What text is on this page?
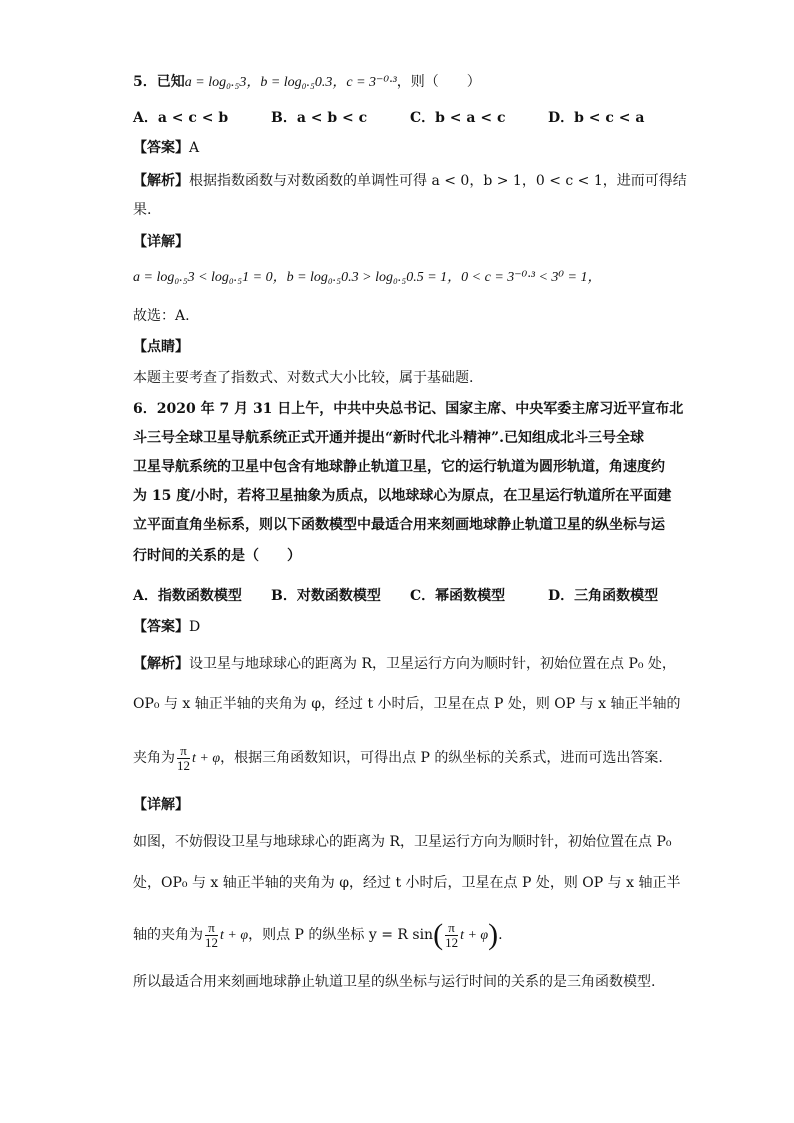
5．已知a = log₀.₅3，b = log₀.₅0.3，c = 3⁻⁰·³，则（　　）
A．a < c < b	B．a < b < c	C．b < a < c	D．b < c < a
【答案】A
【解析】根据指数函数与对数函数的单调性可得 a < 0，b > 1，0 < c < 1，进而可得结
果.
【详解】
a = log₀.₅3 < log₀.₅1 = 0，b = log₀.₅0.3 > log₀.₅0.5 = 1，0 < c = 3⁻⁰·³ < 3⁰ = 1，
故选：A.
【点睛】
本题主要考查了指数式、对数式大小比较，属于基础题.
6．2020 年 7 月 31 日上午，中共中央总书记、国家主席、中央军委主席习近平宣布北
斗三号全球卫星导航系统正式开通并提出“新时代北斗精神”.已知组成北斗三号全球
卫星导航系统的卫星中包含有地球静止轨道卫星，它的运行轨道为圆形轨道，角速度约
为 15 度/小时，若将卫星抽象为质点，以地球球心为原点，在卫星运行轨道所在平面建
立平面直角坐标系，则以下函数模型中最适合用来刻画地球静止轨道卫星的纵坐标与运
行时间的关系的是（　　）
A．指数函数模型 B．对数函数模型 C．幂函数模型	D．三角函数模型
【答案】D
【解析】设卫星与地球球心的距离为 R，卫星运行方向为顺时针，初始位置在点 P₀ 处，
OP₀ 与 x 轴正半轴的夹角为 φ，经过 t 小时后，卫星在点 P 处，则 OP 与 x 轴正半轴的
夹角为 $\frac{\pi}{12}$ t + φ，根据三角函数知识，可得出点 P 的纵坐标的关系式，进而可选出答案.
【详解】
如图，不妨假设卫星与地球球心的距离为 R，卫星运行方向为顺时针，初始位置在点 P₀
处，OP₀ 与 x 轴正半轴的夹角为 φ，经过 t 小时后，卫星在点 P 处，则 OP 与 x 轴正半
轴的夹角为 $\frac{\pi}{12}$ t + φ，则点 P 的纵坐标 y = R $\sin( \frac{\pi}{12}$ t + φ).
所以最适合用来刻画地球静止轨道卫星的纵坐标与运行时间的关系的是三角函数模型.
